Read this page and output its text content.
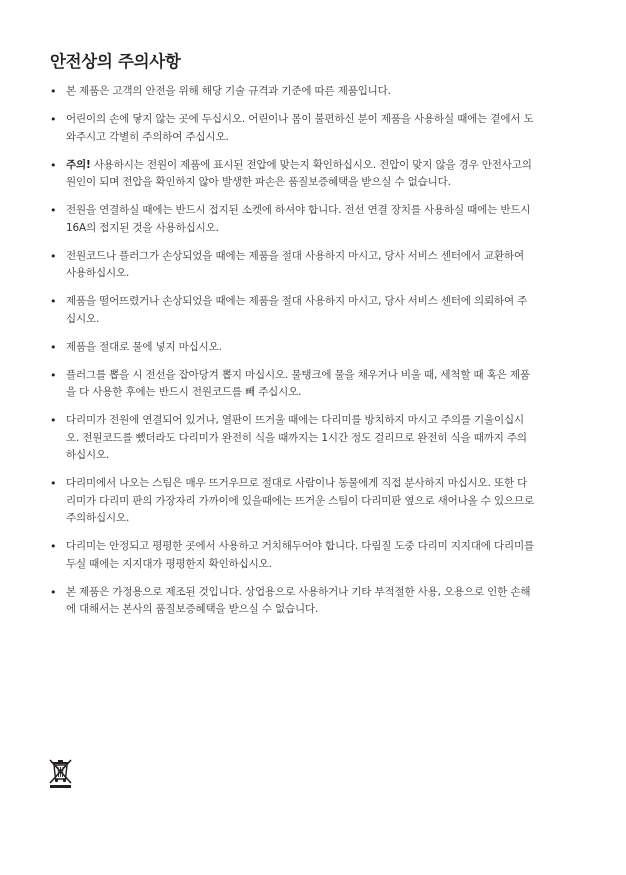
안전상의 주의사항
• 본 제품은 고객의 안전을 위해 해당 기술 규격과 기준에 따른 제품입니다.
• 어린이의 손에 닿지 않는 곳에 두십시오. 어린이나 몸이 불편하신 분이 제품을 사용하실 때에는 곁에서 도와주시고 각별히 주의하여 주십시오.
• 주의! 사용하시는 전원이 제품에 표시된 전압에 맞는지 확인하십시오. 전압이 맞지 않을 경우 안전사고의 원인이 되며 전압을 확인하지 않아 발생한 파손은 품질보증혜택을 받으실 수 없습니다.
• 전원을 연결하실 때에는 반드시 접지된 소켓에 하셔야 합니다. 전선 연결 장치를 사용하실 때에는 반드시 16A의 접지된 것을 사용하십시오.
• 전원코드나 플러그가 손상되었을 때에는 제품을 절대 사용하지 마시고, 당사 서비스 센터에서 교환하여 사용하십시오.
• 제품을 떨어뜨렸거나 손상되었을 때에는 제품을 절대 사용하지 마시고, 당사 서비스 센터에 의뢰하여 주십시오.
• 제품을 절대로 물에 넣지 마십시오.
• 플러그를 뽑을 시 전선을 잡아당겨 뽑지 마십시오. 물탱크에 물을 채우거나 비울 때, 세척할 때 혹은 제품을 다 사용한 후에는 반드시 전원코드를 빼 주십시오.
• 다리미가 전원에 연결되어 있거나, 열판이 뜨거울 때에는 다리미를 방치하지 마시고 주의를 기울이십시오. 전원코드를 뺐더라도 다리미가 완전히 식을 때까지는 1시간 정도 걸리므로 완전히 식을 때까지 주의하십시오.
• 다리미에서 나오는 스팀은 매우 뜨거우므로 절대로 사람이나 동물에게 직접 분사하지 마십시오. 또한 다리미가 다리미 판의 가장자리 가까이에 있을때에는 뜨거운 스팀이 다리미판 옆으로 새어나올 수 있으므로 주의하십시오.
• 다리미는 안정되고 평평한 곳에서 사용하고 거치해두어야 합니다. 다림질 도중 다리미 지지대에 다리미를 두실 때에는 지지대가 평평한지 확인하십시오.
• 본 제품은 가정용으로 제조된 것입니다. 상업용으로 사용하거나 기타 부적절한 사용, 오용으로 인한 손해에 대해서는 본사의 품질보증혜택을 받으실 수 없습니다.
